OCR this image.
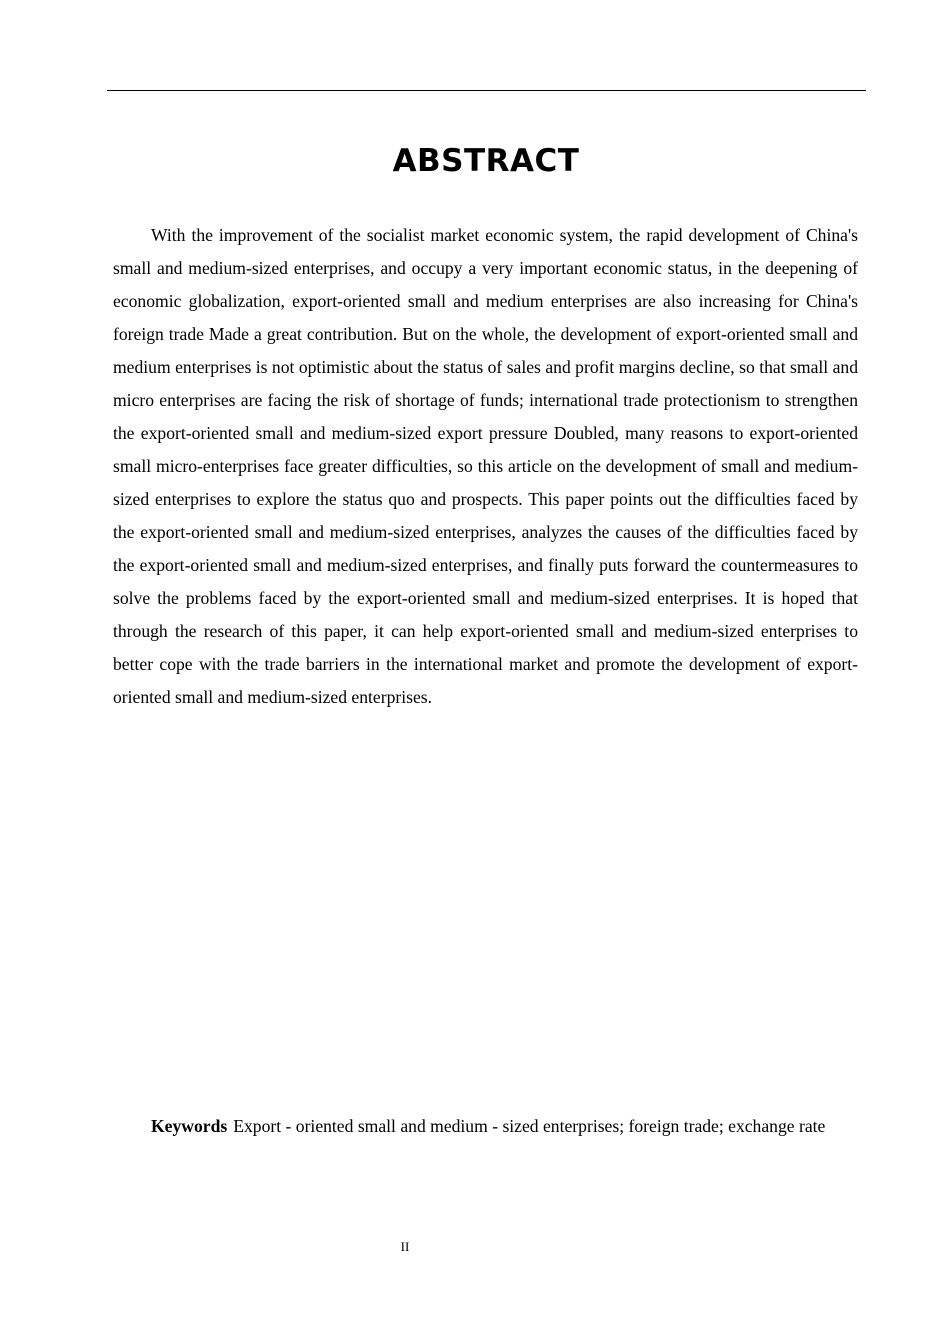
ABSTRACT

With the improvement of the socialist market economic system, the rapid development of China's small and medium-sized enterprises, and occupy a very important economic status, in the deepening of economic globalization, export-oriented small and medium enterprises are also increasing for China's foreign trade Made a great contribution. But on the whole, the development of export-oriented small and medium enterprises is not optimistic about the status of sales and profit margins decline, so that small and micro enterprises are facing the risk of shortage of funds; international trade protectionism to strengthen the export-oriented small and medium-sized export pressure Doubled, many reasons to export-oriented small micro-enterprises face greater difficulties, so this article on the development of small and medium-sized enterprises to explore the status quo and prospects. This paper points out the difficulties faced by the export-oriented small and medium-sized enterprises, analyzes the causes of the difficulties faced by the export-oriented small and medium-sized enterprises, and finally puts forward the countermeasures to solve the problems faced by the export-oriented small and medium-sized enterprises. It is hoped that through the research of this paper, it can help export-oriented small and medium-sized enterprises to better cope with the trade barriers in the international market and promote the development of export-oriented small and medium-sized enterprises.

Keywords Export - oriented small and medium - sized enterprises; foreign trade; exchange rate

II
